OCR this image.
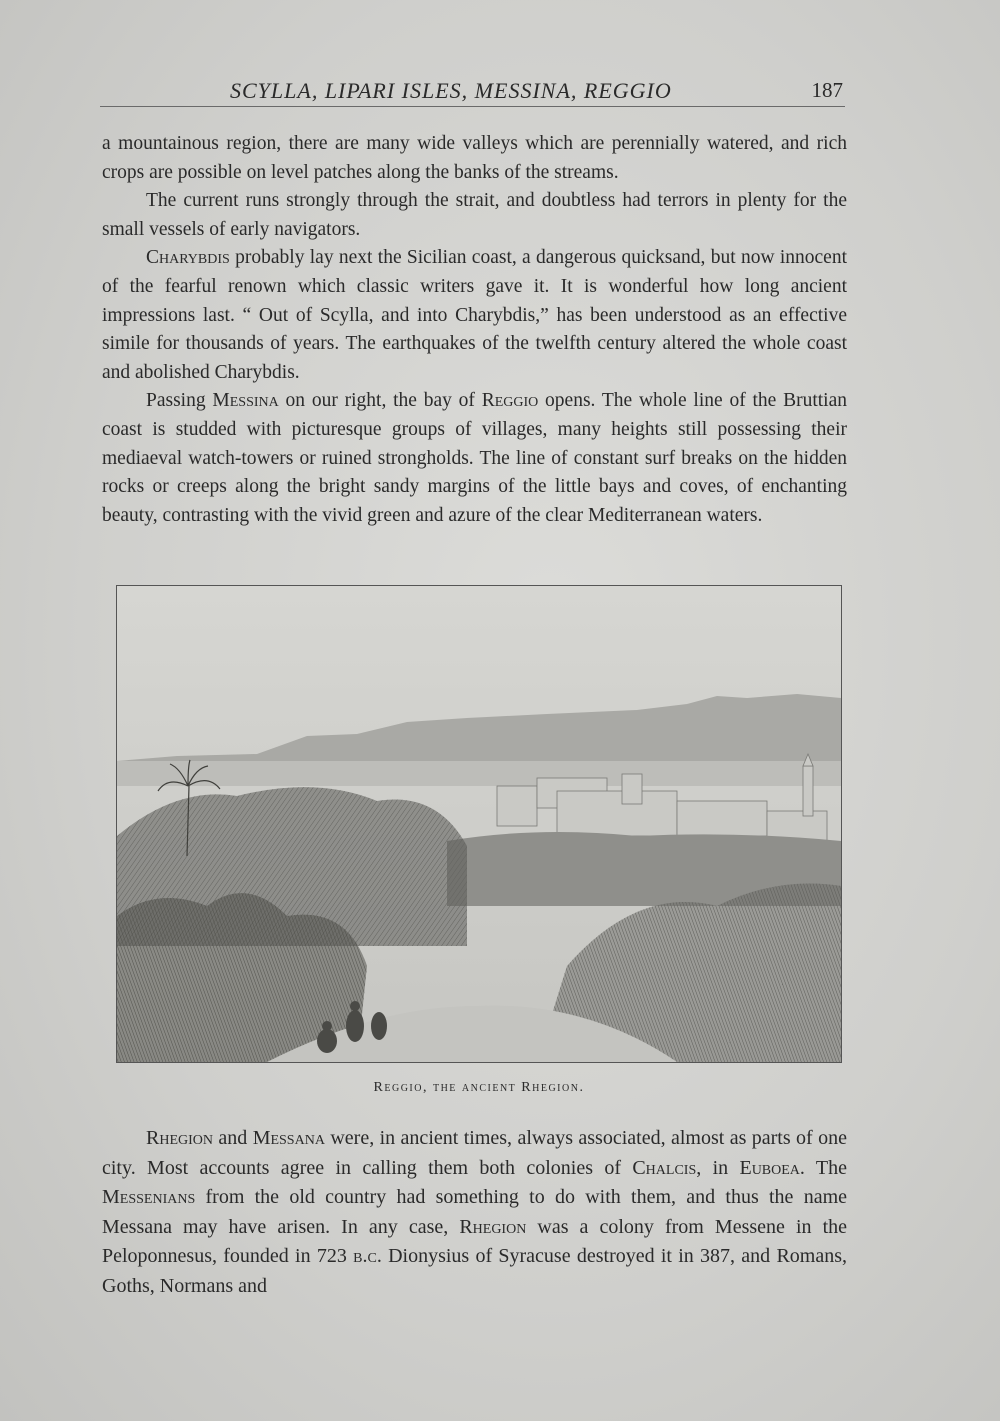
SCYLLA, LIPARI ISLES, MESSINA, REGGIO	187

a mountainous region, there are many wide valleys which are perennially watered, and rich crops are possible on level patches along the banks of the streams.

The current runs strongly through the strait, and doubtless had terrors in plenty for the small vessels of early navigators.

Charybdis probably lay next the Sicilian coast, a dangerous quicksand, but now innocent of the fearful renown which classic writers gave it. It is wonderful how long ancient impressions last. “ Out of Scylla, and into Charybdis,” has been understood as an effective simile for thousands of years. The earthquakes of the twelfth century altered the whole coast and abolished Charybdis.

Passing Messina on our right, the bay of Reggio opens. The whole line of the Bruttian coast is studded with picturesque groups of villages, many heights still possessing their mediaeval watch-towers or ruined strongholds. The line of constant surf breaks on the hidden rocks or creeps along the bright sandy margins of the little bays and coves, of enchanting beauty, contrasting with the vivid green and azure of the clear Mediterranean waters.

Reggio, the ancient Rhegion.

Rhegion and Messana were, in ancient times, always associated, almost as parts of one city. Most accounts agree in calling them both colonies of Chalcis, in Euboea. The Messenians from the old country had something to do with them, and thus the name Messana may have arisen. In any case, Rhegion was a colony from Messene in the Peloponnesus, founded in 723 b.c. Dionysius of Syracuse destroyed it in 387, and Romans, Goths, Normans and
